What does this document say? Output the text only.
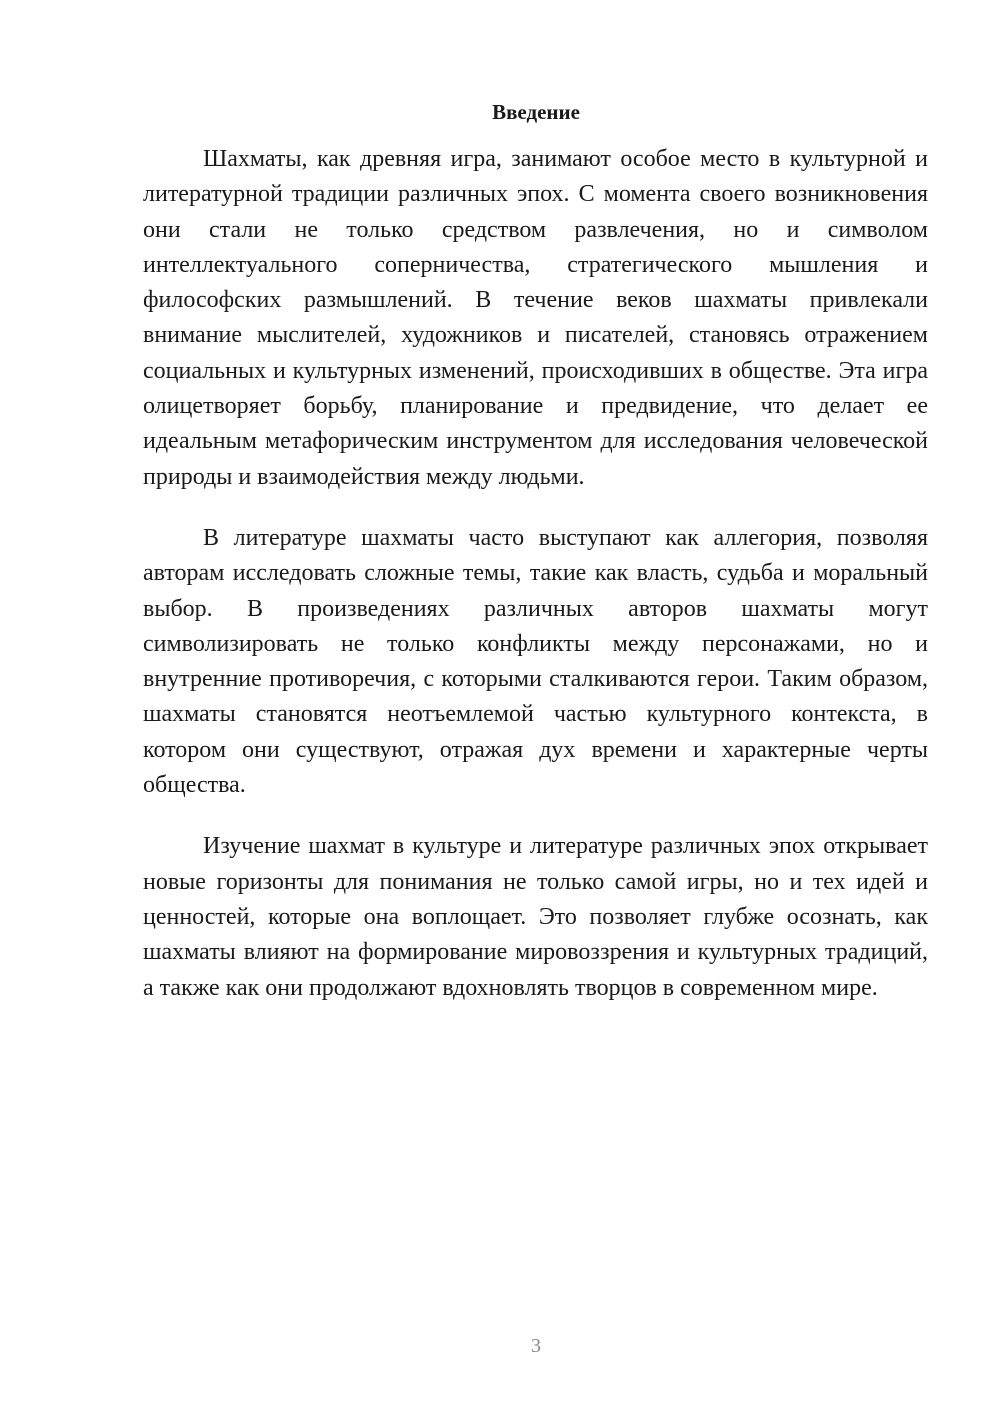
Введение

Шахматы, как древняя игра, занимают особое место в культурной и литературной традиции различных эпох. С момента своего возникновения они стали не только средством развлечения, но и символом интеллектуального соперничества, стратегического мышления и философских размышлений. В течение веков шахматы привлекали внимание мыслителей, художников и писателей, становясь отражением социальных и культурных изменений, происходивших в обществе. Эта игра олицетворяет борьбу, планирование и предвидение, что делает ее идеальным метафорическим инструментом для исследования человеческой природы и взаимодействия между людьми.

В литературе шахматы часто выступают как аллегория, позволяя авторам исследовать сложные темы, такие как власть, судьба и моральный выбор. В произведениях различных авторов шахматы могут символизировать не только конфликты между персонажами, но и внутренние противоречия, с которыми сталкиваются герои. Таким образом, шахматы становятся неотъемлемой частью культурного контекста, в котором они существуют, отражая дух времени и характерные черты общества.

Изучение шахмат в культуре и литературе различных эпох открывает новые горизонты для понимания не только самой игры, но и тех идей и ценностей, которые она воплощает. Это позволяет глубже осознать, как шахматы влияют на формирование мировоззрения и культурных традиций, а также как они продолжают вдохновлять творцов в современном мире.

3
